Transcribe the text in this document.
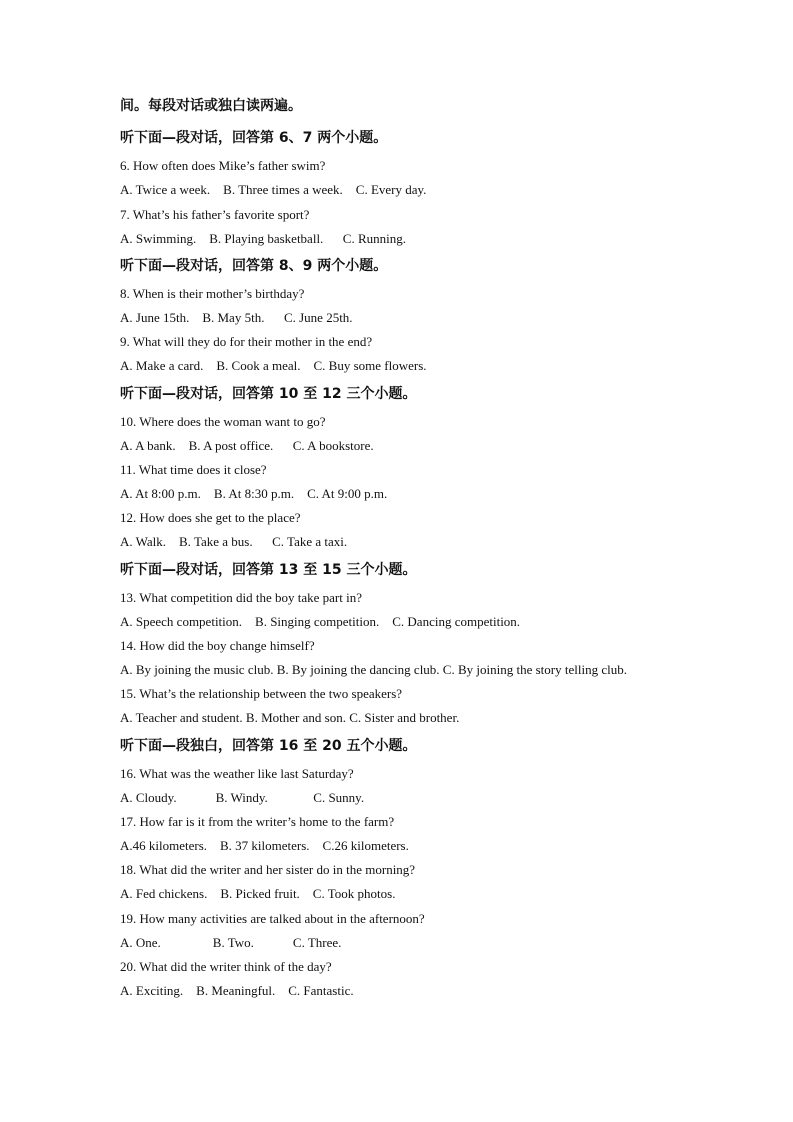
间。每段对话或独白读两遍。
听下面—段对话，回答第 6、7 两个小题。
6. How often does Mike’s father swim?
A. Twice a week.    B. Three times a week.    C. Every day.
7. What’s his father’s favorite sport?
A. Swimming.    B. Playing basketball.      C. Running.
听下面—段对话，回答第 8、9 两个小题。
8. When is their mother’s birthday?
A. June 15th.    B. May 5th.      C. June 25th.
9. What will they do for their mother in the end?
A. Make a card.    B. Cook a meal.    C. Buy some flowers.
听下面—段对话，回答第 10 至 12 三个小题。
10. Where does the woman want to go?
A. A bank.    B. A post office.      C. A bookstore.
11. What time does it close?
A. At 8:00 p.m.    B. At 8:30 p.m.    C. At 9:00 p.m.
12. How does she get to the place?
A. Walk.    B. Take a bus.      C. Take a taxi.
听下面—段对话，回答第 13 至 15 三个小题。
13. What competition did the boy take part in?
A. Speech competition.    B. Singing competition.    C. Dancing competition.
14. How did the boy change himself?
A. By joining the music club. B. By joining the dancing club. C. By joining the story telling club.
15. What’s the relationship between the two speakers?
A. Teacher and student. B. Mother and son. C. Sister and brother.
听下面—段独白，回答第 16 至 20 五个小题。
16. What was the weather like last Saturday?
A. Cloudy.            B. Windy.              C. Sunny.
17. How far is it from the writer’s home to the farm?
A.46 kilometers.    B. 37 kilometers.    C.26 kilometers.
18. What did the writer and her sister do in the morning?
A. Fed chickens.    B. Picked fruit.    C. Took photos.
19. How many activities are talked about in the afternoon?
A. One.                B. Two.            C. Three.
20. What did the writer think of the day?
A. Exciting.    B. Meaningful.    C. Fantastic.
